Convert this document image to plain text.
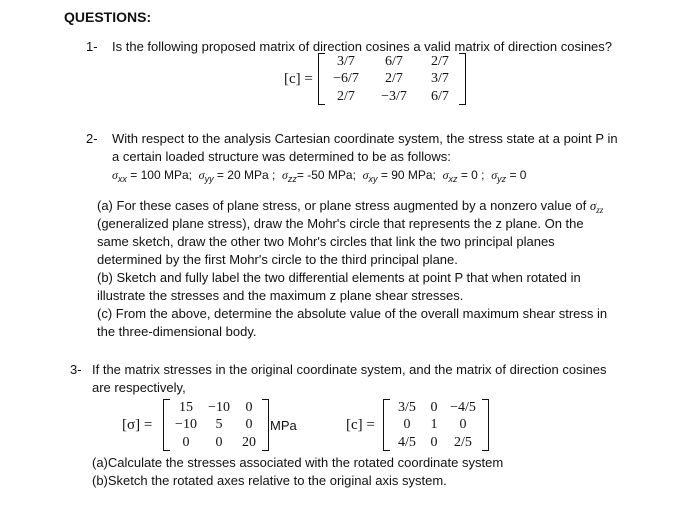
QUESTIONS:
1- Is the following proposed matrix of direction cosines a valid matrix of direction cosines?
[c] =
3/7	6/7	2/7
−6/7	2/7	3/7
2/7	−3/7	6/7
2- With respect to the analysis Cartesian coordinate system, the stress state at a point P in
a certain loaded structure was determined to be as follows:
$\sigma_{xx} = 100$ MPa; $\sigma_{yy} = 20$ MPa ; $\sigma_{zz}= -50$ MPa; $\sigma_{xy} = 90$ MPa; $\sigma_{xz} = 0$ ; $\sigma_{yz} = 0$
(a) For these cases of plane stress, or plane stress augmented by a nonzero value of $\sigma_{zz}$
(generalized plane stress), draw the Mohr's circle that represents the z plane. On the
same sketch, draw the other two Mohr's circles that link the two principal planes
determined by the first Mohr's circle to the third principal plane.
(b) Sketch and fully label the two differential elements at point P that when rotated in
illustrate the stresses and the maximum z plane shear stresses.
(c) From the above, determine the absolute value of the overall maximum shear stress in
the three-dimensional body.
3- If the matrix stresses in the original coordinate system, and the matrix of direction cosines
are respectively,
[σ] =
15	−10	0
−10	5	0
0	0	20
MPa	[c] =
3/5 0 −4/5
0	1	0
4/5 0	2/5
(a)Calculate the stresses associated with the rotated coordinate system
(b)Sketch the rotated axes relative to the original axis system.
